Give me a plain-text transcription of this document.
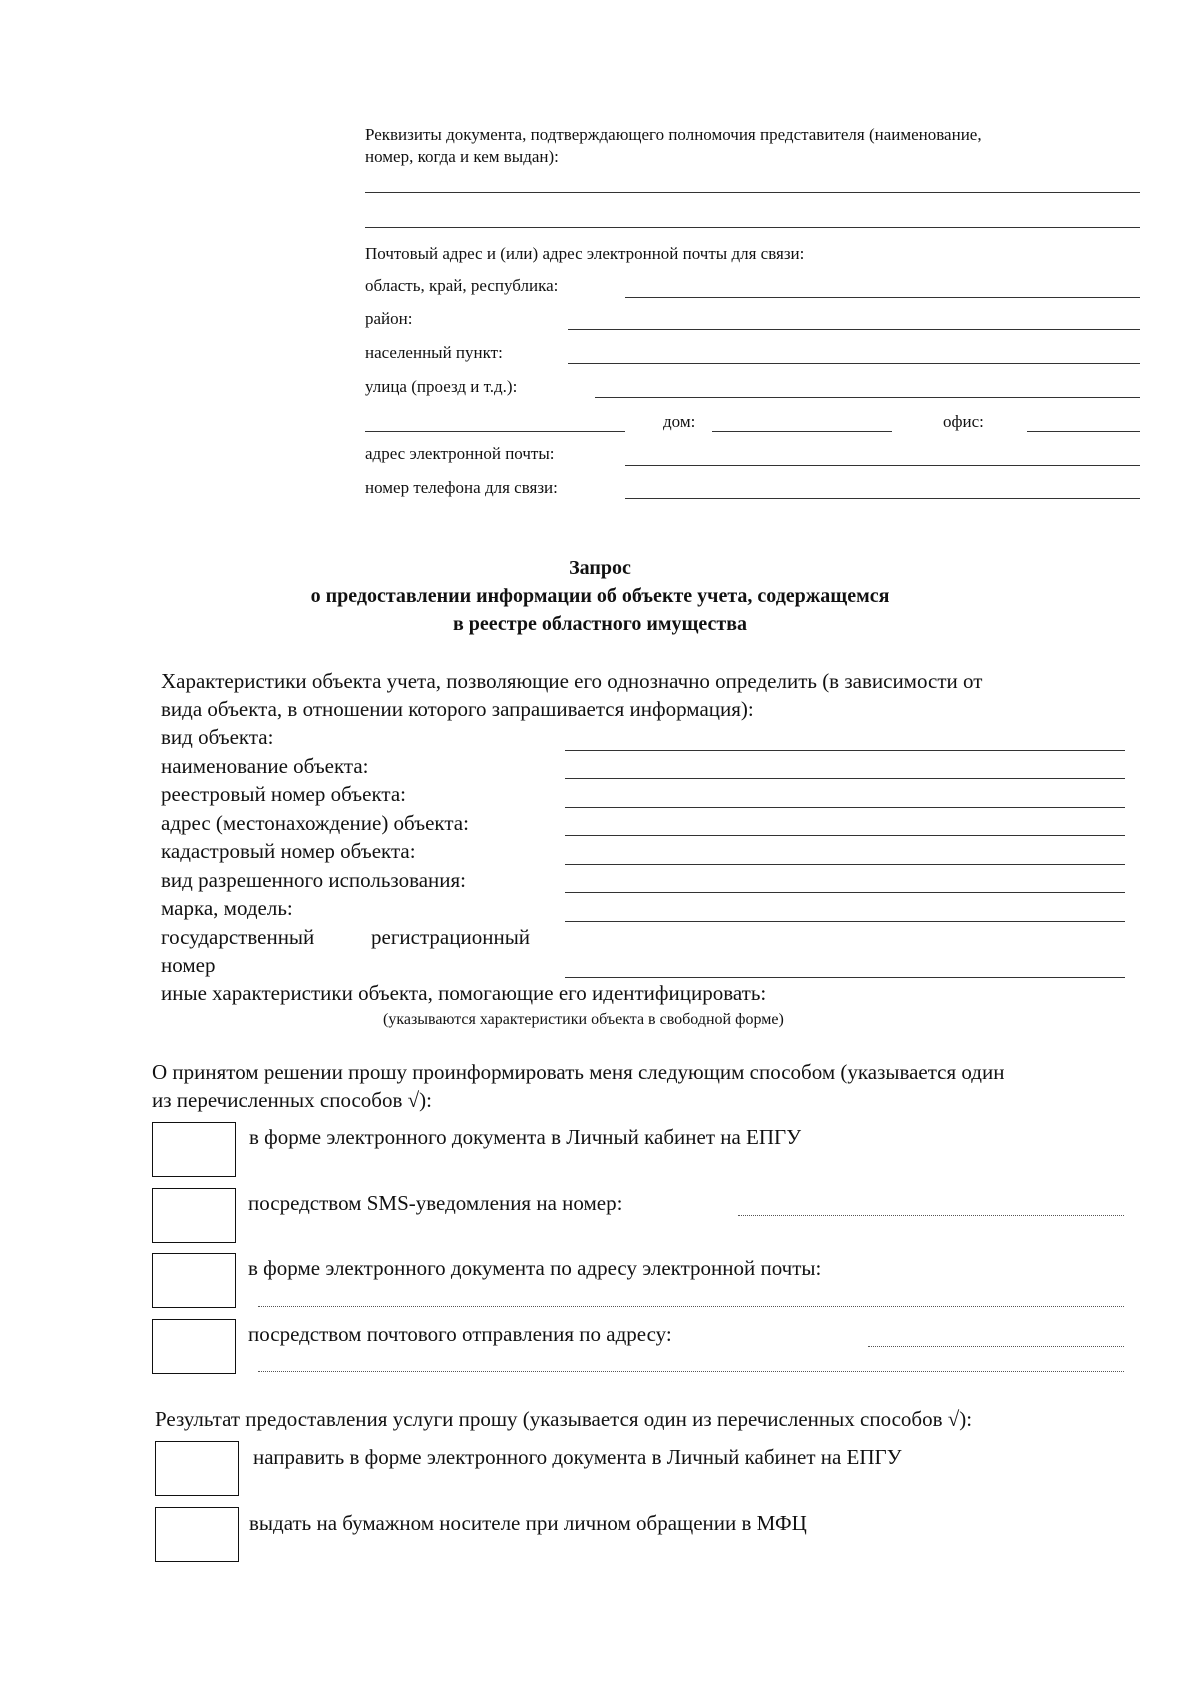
Реквизиты документа, подтверждающего полномочия представителя (наименование,
номер, когда и кем выдан):
Почтовый адрес и (или) адрес электронной почты для связи:
область, край, республика:
район:
населенный пункт:
улица (проезд и т.д.):
дом:	офис:
адрес электронной почты:
номер телефона для связи:
Запрос
о предоставлении информации об объекте учета, содержащемся
в реестре областного имущества
Характеристики объекта учета, позволяющие его однозначно определить (в зависимости от
вида объекта, в отношении которого запрашивается информация):
вид объекта:
наименование объекта:
реестровый номер объекта:
адрес (местонахождение) объекта:
кадастровый номер объекта:
вид разрешенного использования:
марка, модель:
государственный	регистрационный
номер
иные характеристики объекта, помогающие его идентифицировать:
(указываются характеристики объекта в свободной форме)
О принятом решении прошу проинформировать меня следующим способом (указывается один
из перечисленных способов √):
в форме электронного документа в Личный кабинет на ЕПГУ
посредством SMS-уведомления на номер:
в форме электронного документа по адресу электронной почты:
посредством почтового отправления по адресу:
Результат предоставления услуги прошу (указывается один из перечисленных способов √):
направить в форме электронного документа в Личный кабинет на ЕПГУ
выдать на бумажном носителе при личном обращении в МФЦ
